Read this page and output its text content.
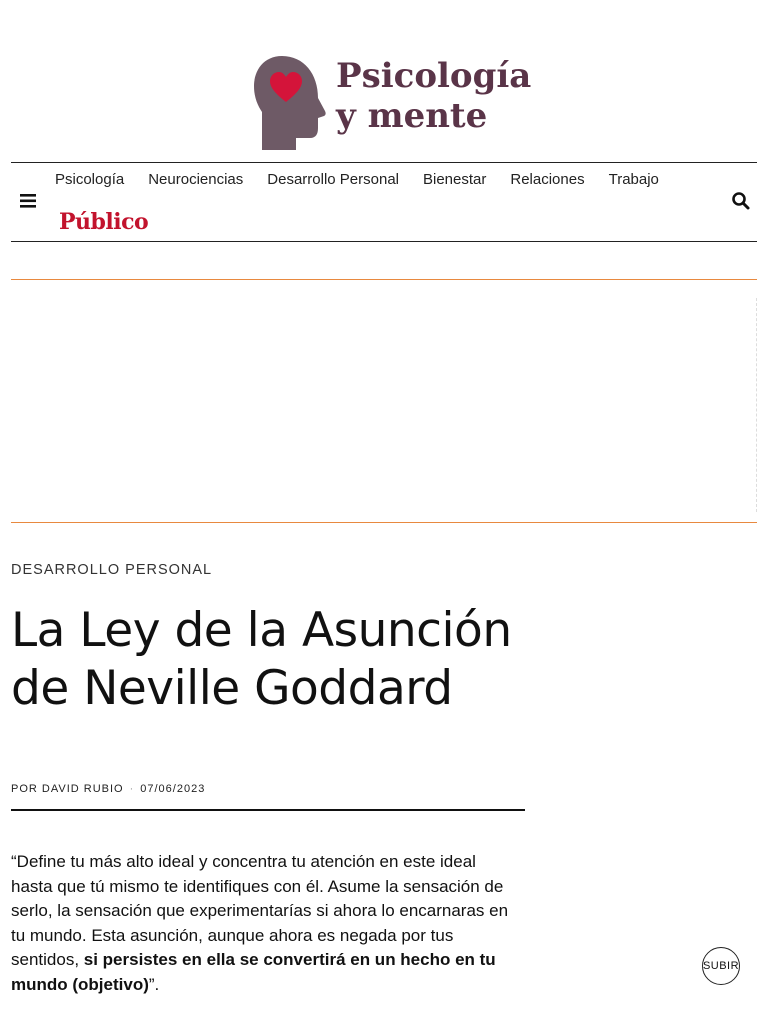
Psicología
y mente
Psicología Neurociencias Desarrollo Personal Bienestar Relaciones Trabajo
Público
DESARROLLO PERSONAL
La Ley de la Asunción de Neville Goddard
POR DAVID RUBIO · 07/06/2023

“Define tu más alto ideal y concentra tu atención en este ideal hasta que tú mismo te identifiques con él. Asume la sensación de serlo, la sensación que experimentarías si ahora lo encarnaras en tu mundo. Esta asunción, aunque ahora es negada por tus sentidos, si persistes en ella se convertirá en un hecho en tu mundo (objetivo)”.

SUBIR
